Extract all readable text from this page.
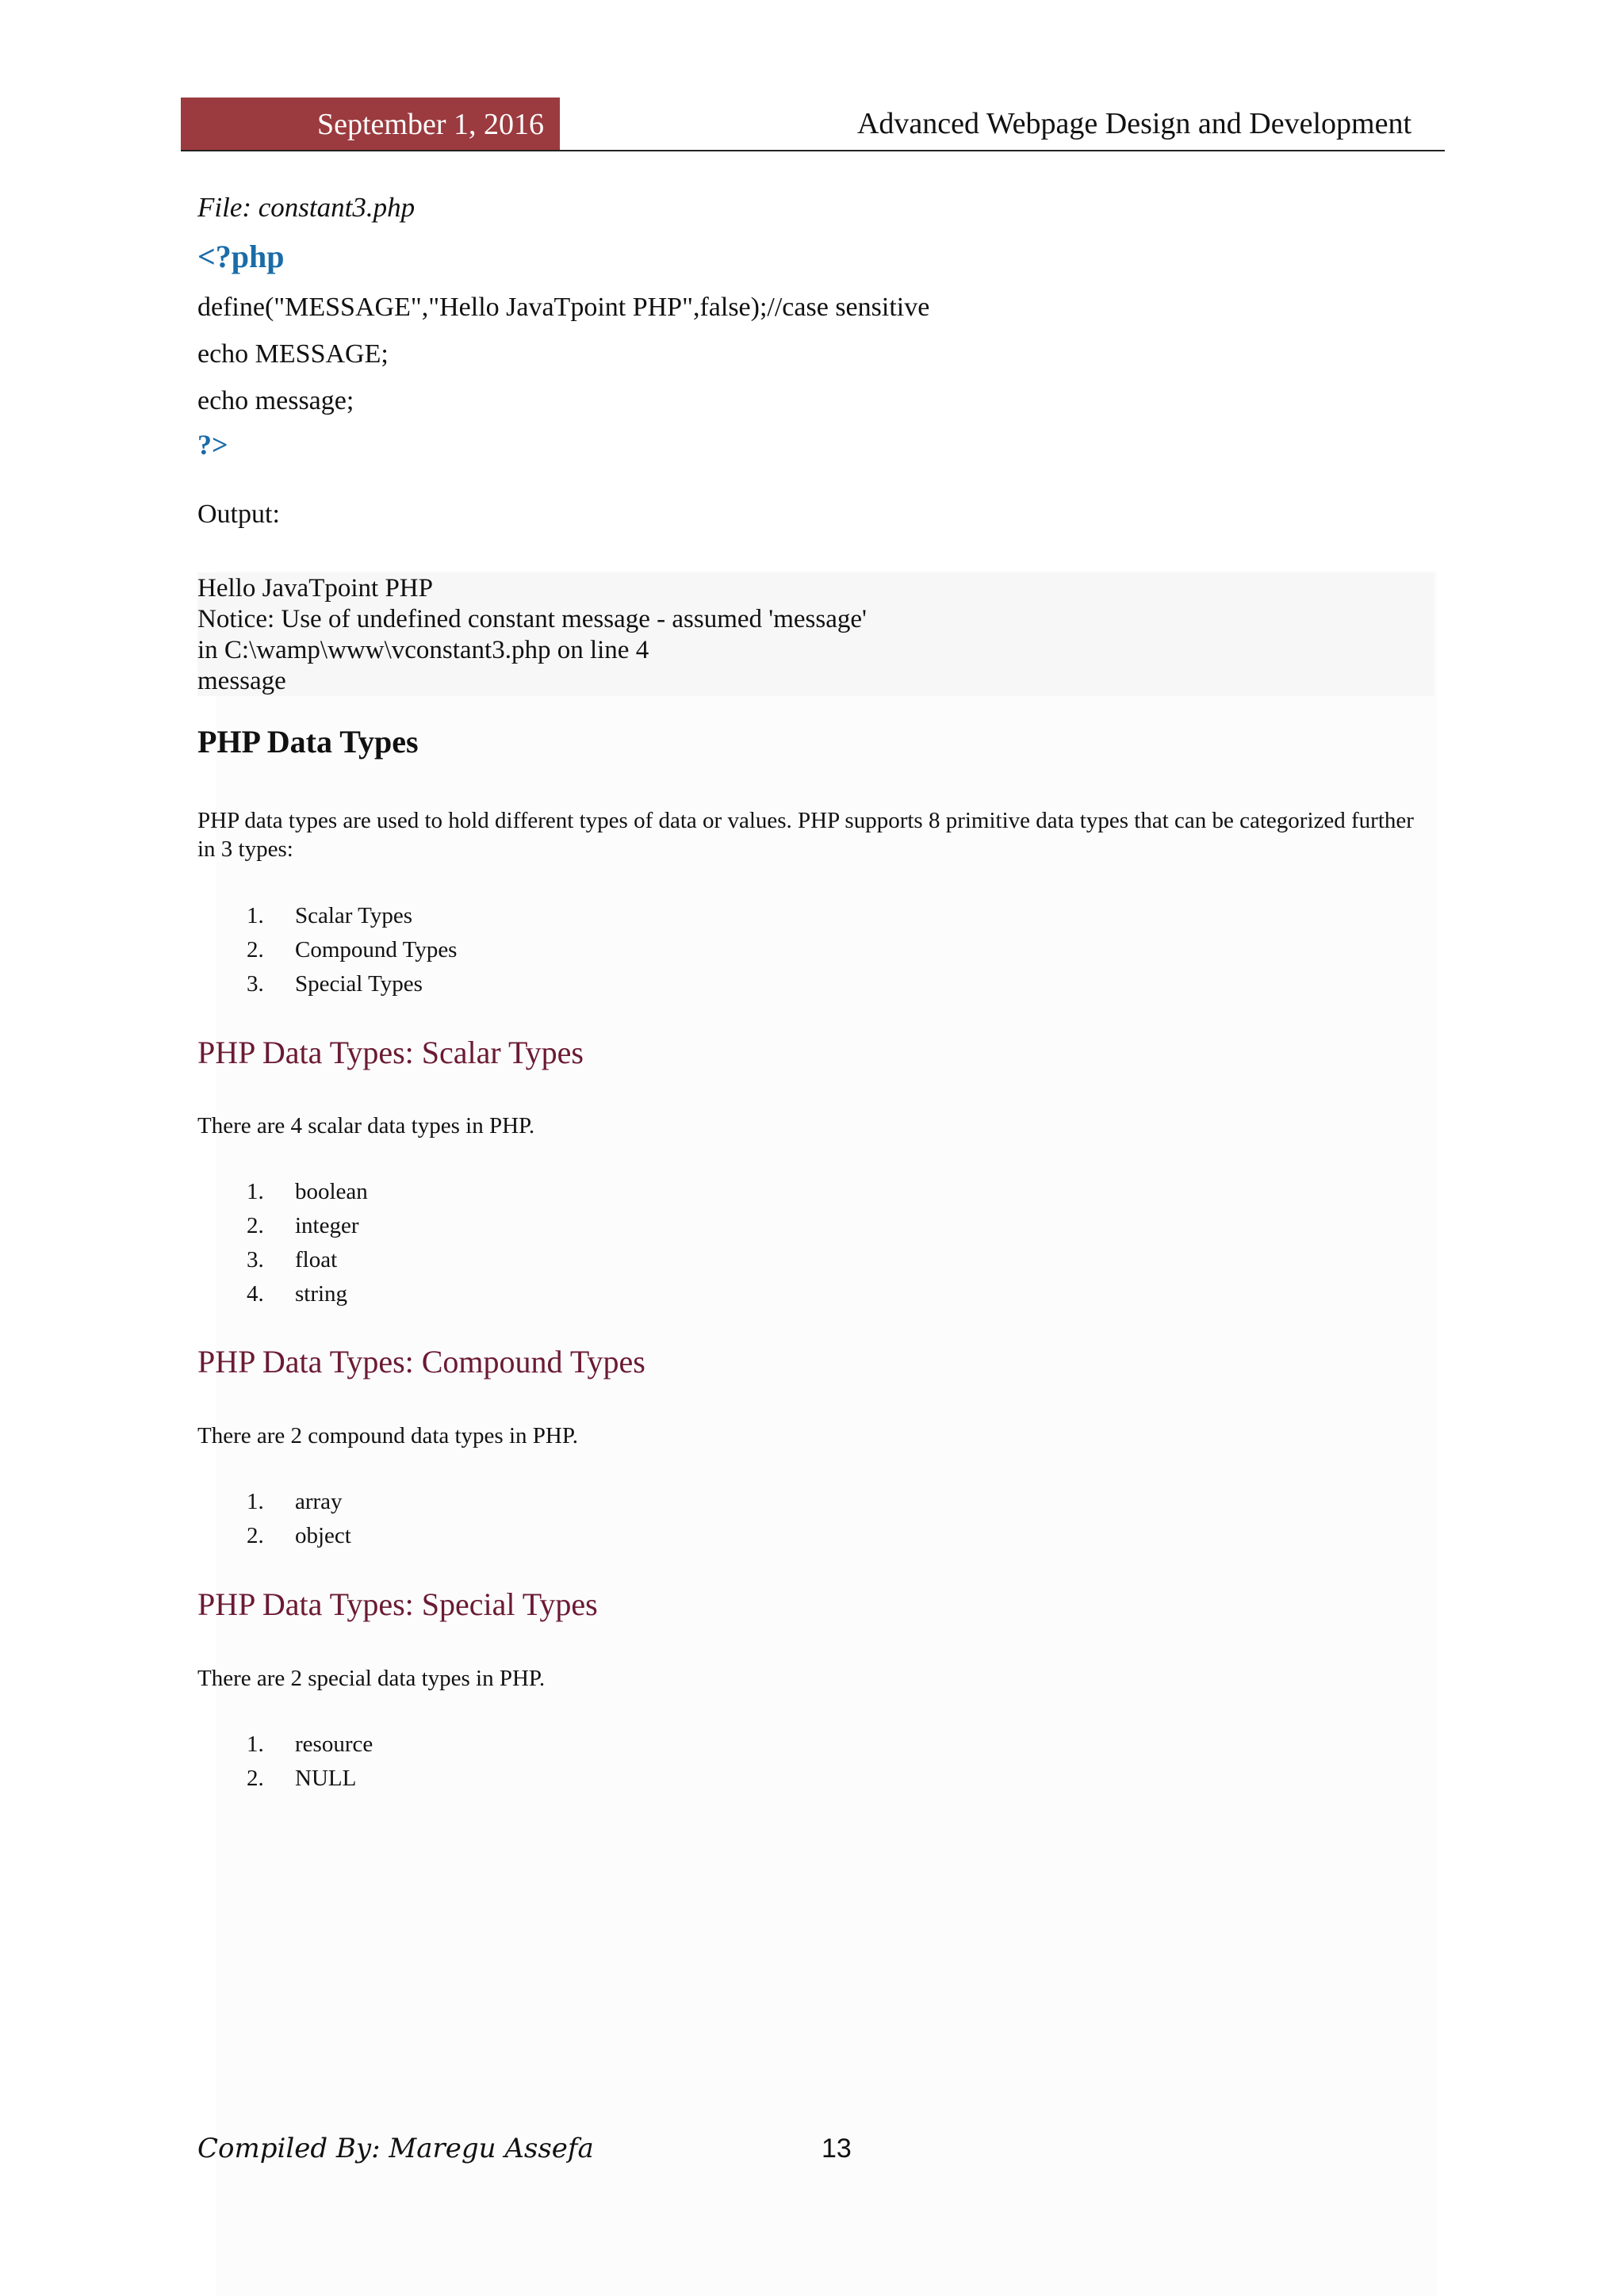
September 1, 2016	Advanced Webpage Design and Development
File: constant3.php
<?php
define("MESSAGE","Hello JavaTpoint PHP",false);//case sensitive
echo MESSAGE;
echo message;
?>
Output:
Hello JavaTpoint PHP
Notice: Use of undefined constant message - assumed 'message'
in C:\wamp\www\vconstant3.php on line 4
message
PHP Data Types
PHP data types are used to hold different types of data or values. PHP supports 8 primitive data types that can be categorized further in 3 types:
1.	Scalar Types
2.	Compound Types
3.	Special Types
PHP Data Types: Scalar Types
There are 4 scalar data types in PHP.
1.	boolean
2.	integer
3.	float
4.	string
PHP Data Types: Compound Types
There are 2 compound data types in PHP.
1.	array
2.	object
PHP Data Types: Special Types
There are 2 special data types in PHP.
1.	resource
2.	NULL
Compiled By: Maregu Assefa	13
